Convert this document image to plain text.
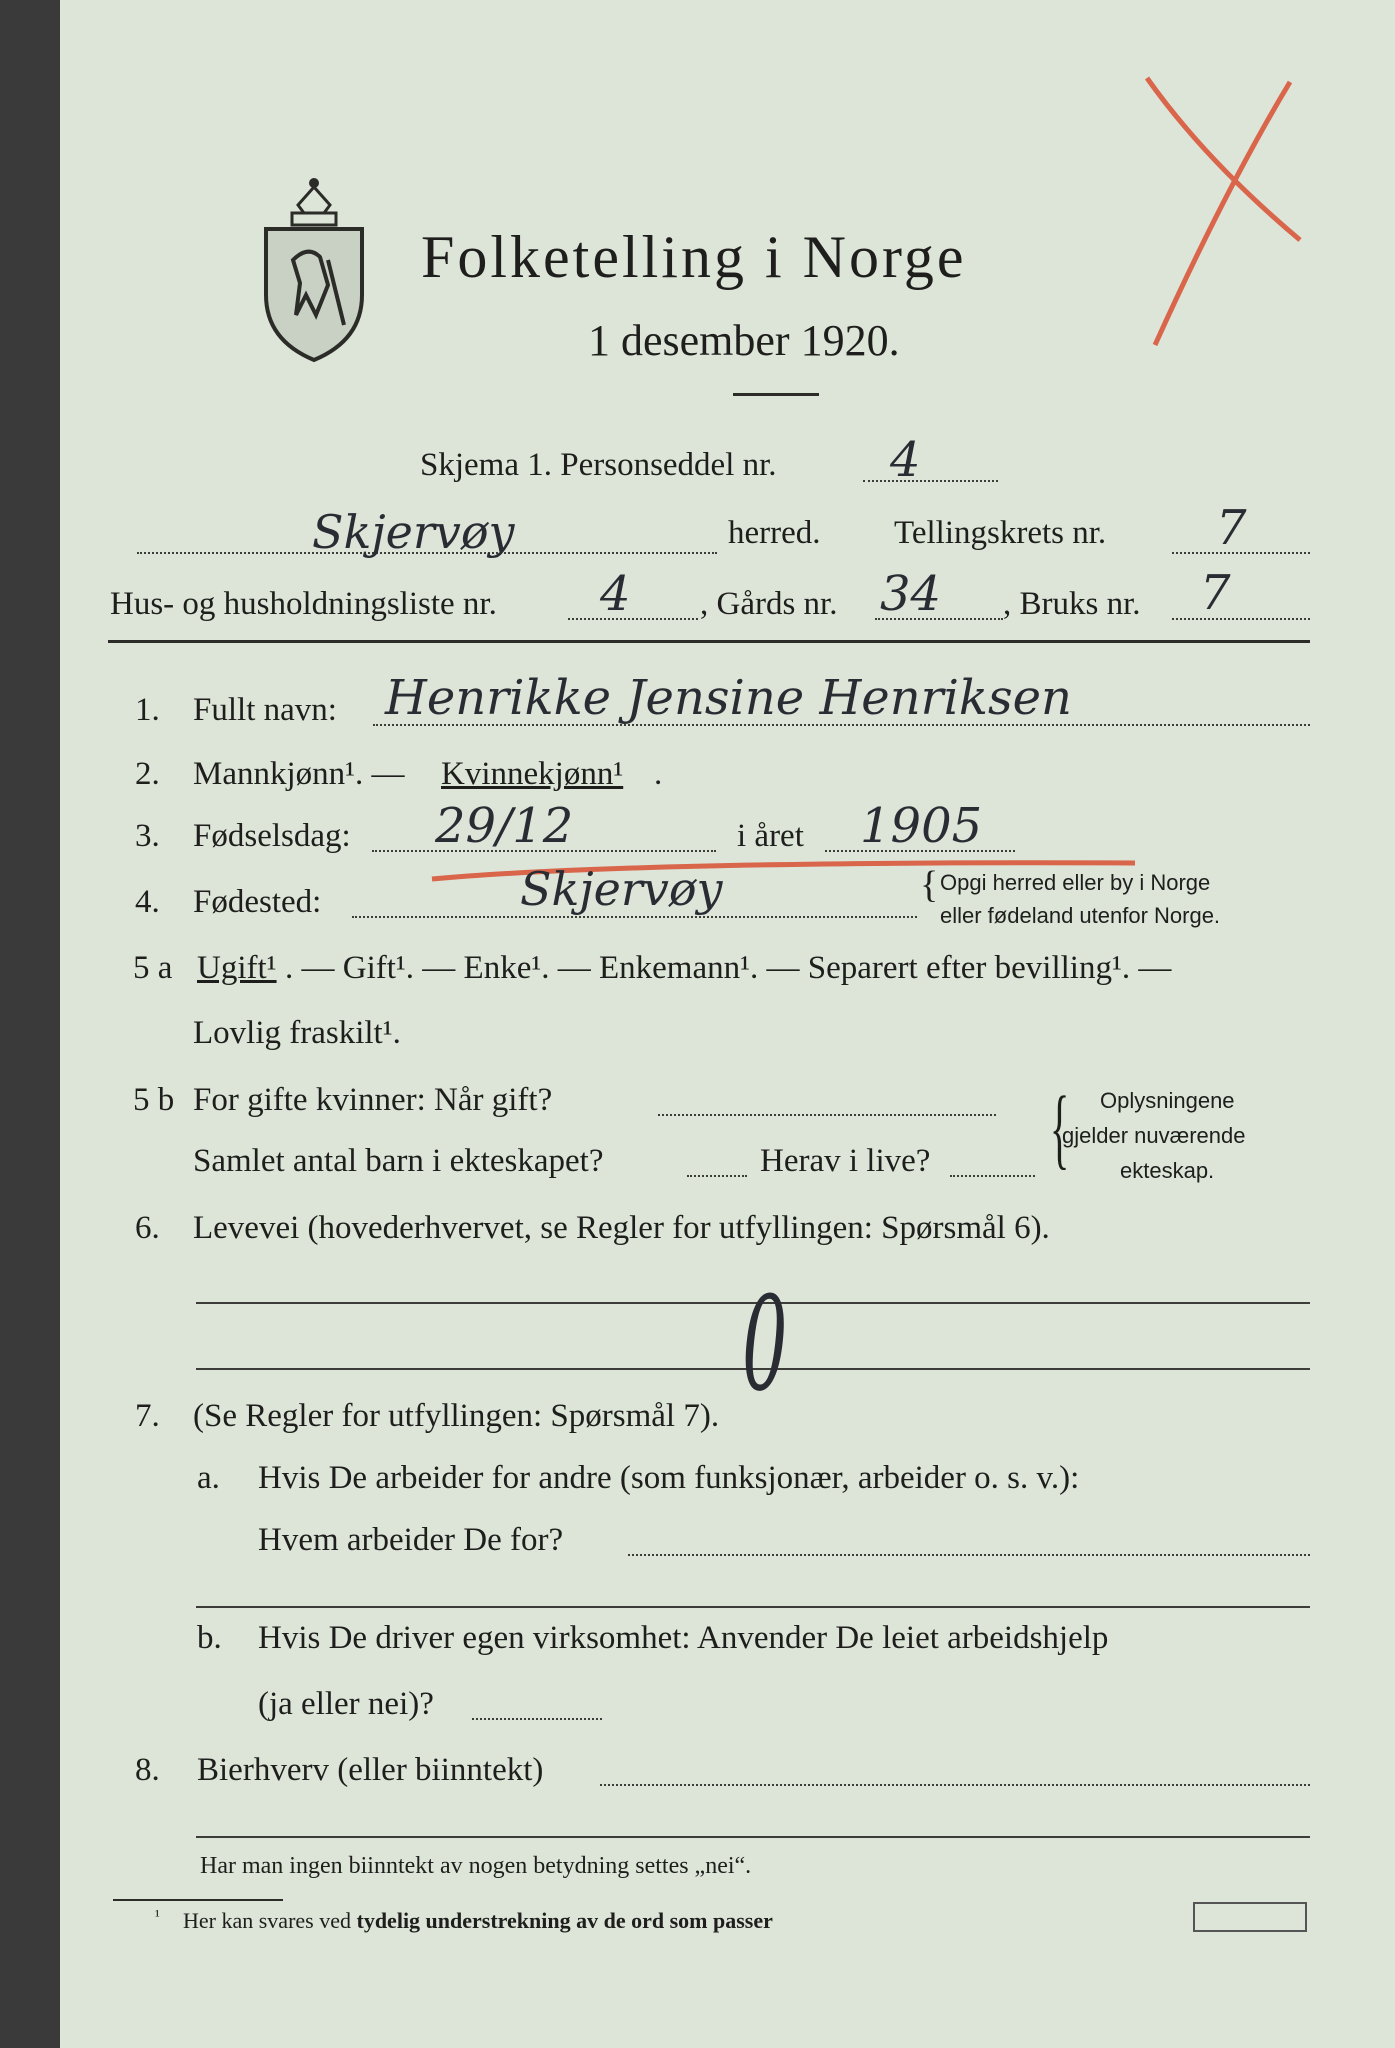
Folketelling i Norge
1 desember 1920.
Skjema 1. Personseddel nr. 4
Skjervøy	herred. Tellingskrets nr. 7
Hus- og husholdningsliste nr. 4 , Gårds nr. 34 , Bruks nr. 7
1. Fullt navn: Henrikke Jensine Henriksen
2. Mannkjønn¹. — Kvinnekjønn¹ .
3. Fødselsdag: 29/12	i året 1905
4. Fødested:	Skjervøy	{ Opgi herred eller by i Norge
eller fødeland utenfor Norge.
5 a Ugift¹ . — Gift¹. — Enke¹. — Enkemann¹. — Separert efter bevilling¹. —
Lovlig fraskilt¹.
5 b For gifte kvinner: Når gift?
Samlet antal barn i ekteskapet?	Herav i live? { Oplysningene
gjelder nuværende
ekteskap.
6. Levevei (hovederhvervet, se Regler for utfyllingen: Spørsmål 6).
0
7. (Se Regler for utfyllingen: Spørsmål 7).
a. Hvis De arbeider for andre (som funksjonær, arbeider o. s. v.):
Hvem arbeider De for?
b. Hvis De driver egen virksomhet: Anvender De leiet arbeidshjelp
(ja eller nei)?
8. Bierhverv (eller biinntekt)
Har man ingen biinntekt av nogen betydning settes „nei“.
¹ Her kan svares ved tydelig understrekning av de ord som passer
